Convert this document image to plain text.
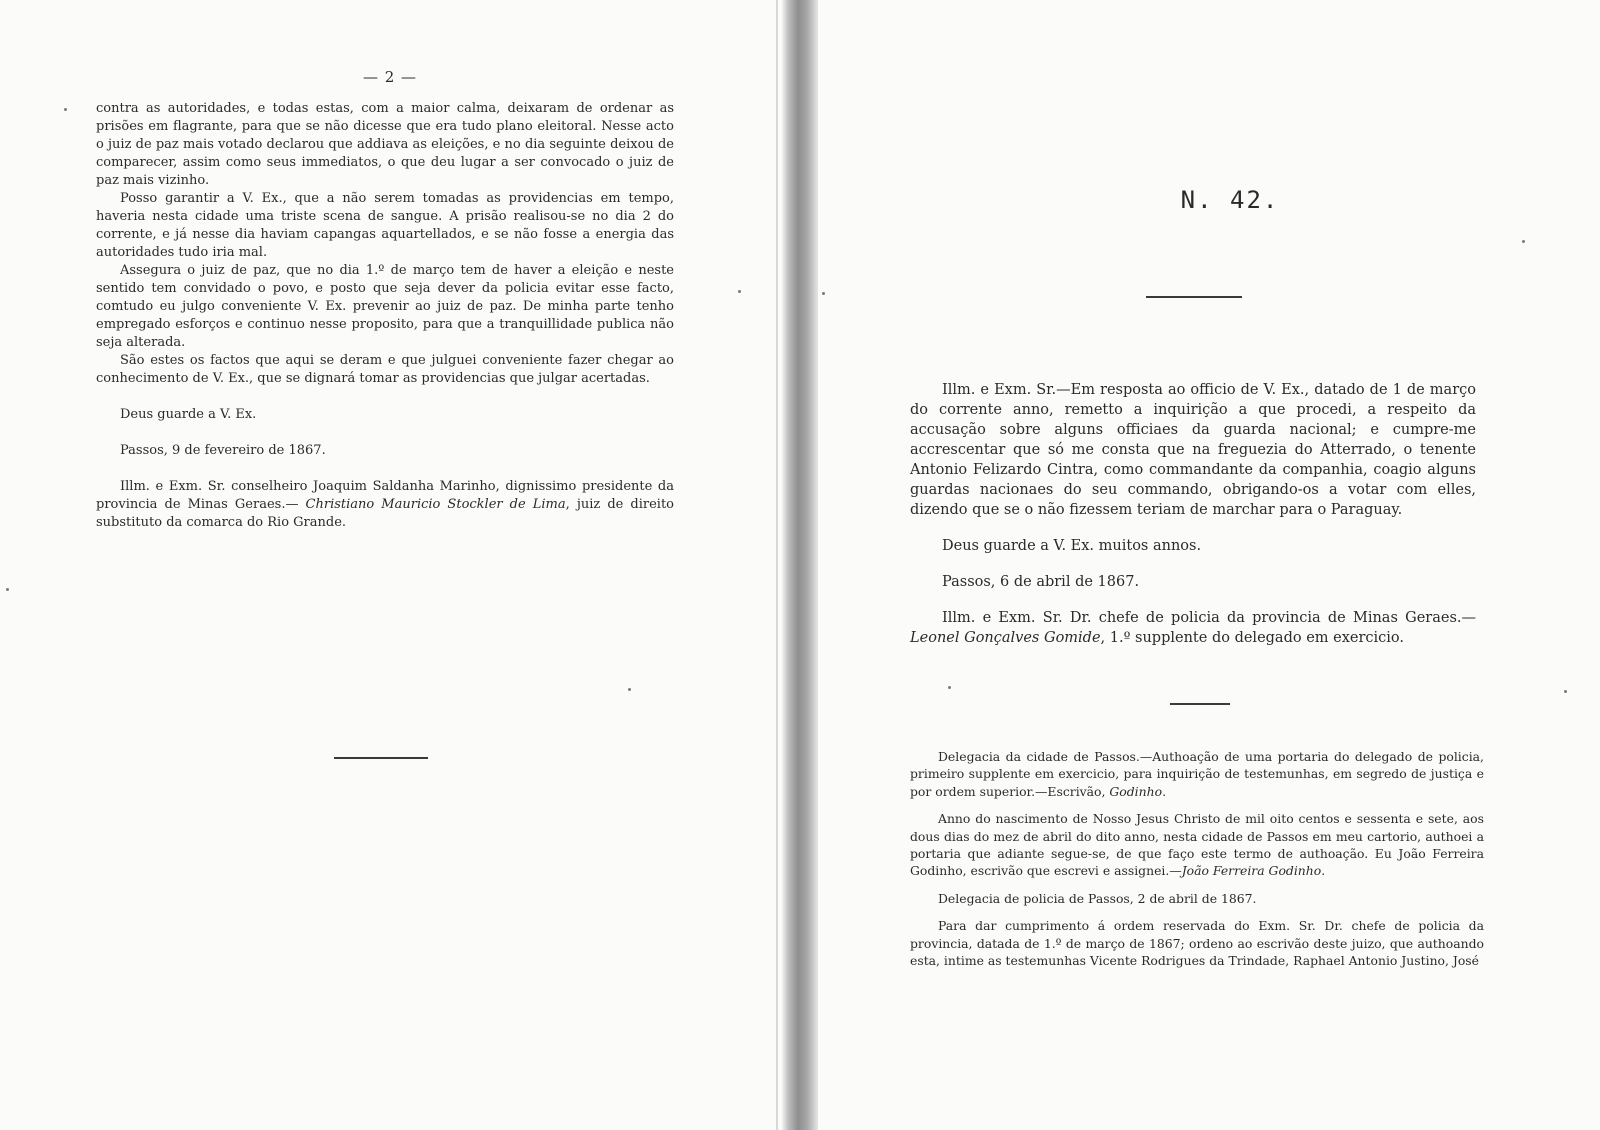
— 2 —

contra as autoridades, e todas estas, com a maior calma, deixaram de ordenar as prisões em flagrante, para que se não dicesse que era tudo plano eleitoral. Nesse acto o juiz de paz mais votado declarou que addiava as eleições, e no dia seguinte deixou de comparecer, assim como seus immediatos, o que deu lugar a ser convocado o juiz de paz mais vizinho.

Posso garantir a V. Ex., que a não serem tomadas as providencias em tempo, haveria nesta cidade uma triste scena de sangue. A prisão realisou-se no dia 2 do corrente, e já nesse dia haviam capangas aquartellados, e se não fosse a energia das autoridades tudo iria mal.

Assegura o juiz de paz, que no dia 1.º de março tem de haver a eleição e neste sentido tem convidado o povo, e posto que seja dever da policia evitar esse facto, comtudo eu julgo conveniente V. Ex. prevenir ao juiz de paz. De minha parte tenho empregado esforços e continuo nesse proposito, para que a tranquillidade publica não seja alterada.

São estes os factos que aqui se deram e que julguei conveniente fazer chegar ao conhecimento de V. Ex., que se dignará tomar as providencias que julgar acertadas.

Deus guarde a V. Ex.

Passos, 9 de fevereiro de 1867.

Illm. e Exm. Sr. conselheiro Joaquim Saldanha Marinho, dignissimo presidente da provincia de Minas Geraes.— Christiano Mauricio Stockler de Lima, juiz de direito substituto da comarca do Rio Grande.

N. 42.

Illm. e Exm. Sr.—Em resposta ao officio de V. Ex., datado de 1 de março do corrente anno, remetto a inquirição a que procedi, a respeito da accusação sobre alguns officiaes da guarda nacional; e cumpre-me accrescentar que só me consta que na freguezia do Atterrado, o tenente Antonio Felizardo Cintra, como commandante da companhia, coagio alguns guardas nacionaes do seu commando, obrigando-os a votar com elles, dizendo que se o não fizessem teriam de marchar para o Paraguay.

Deus guarde a V. Ex. muitos annos.

Passos, 6 de abril de 1867.

Illm. e Exm. Sr. Dr. chefe de policia da provincia de Minas Geraes.— Leonel Gonçalves Gomide, 1.º supplente do delegado em exercicio.

Delegacia da cidade de Passos.—Authoação de uma portaria do delegado de policia, primeiro supplente em exercicio, para inquirição de testemunhas, em segredo de justiça e por ordem superior.—Escrivão, Godinho.

Anno do nascimento de Nosso Jesus Christo de mil oito centos e sessenta e sete, aos dous dias do mez de abril do dito anno, nesta cidade de Passos em meu cartorio, authoei a portaria que adiante segue-se, de que faço este termo de authoação. Eu João Ferreira Godinho, escrivão que escrevi e assignei.—João Ferreira Godinho.

Delegacia de policia de Passos, 2 de abril de 1867.

Para dar cumprimento á ordem reservada do Exm. Sr. Dr. chefe de policia da provincia, datada de 1.º de março de 1867; ordeno ao escrivão deste juizo, que authoando esta, intime as testemunhas Vicente Rodrigues da Trindade, Raphael Antonio Justino, José
